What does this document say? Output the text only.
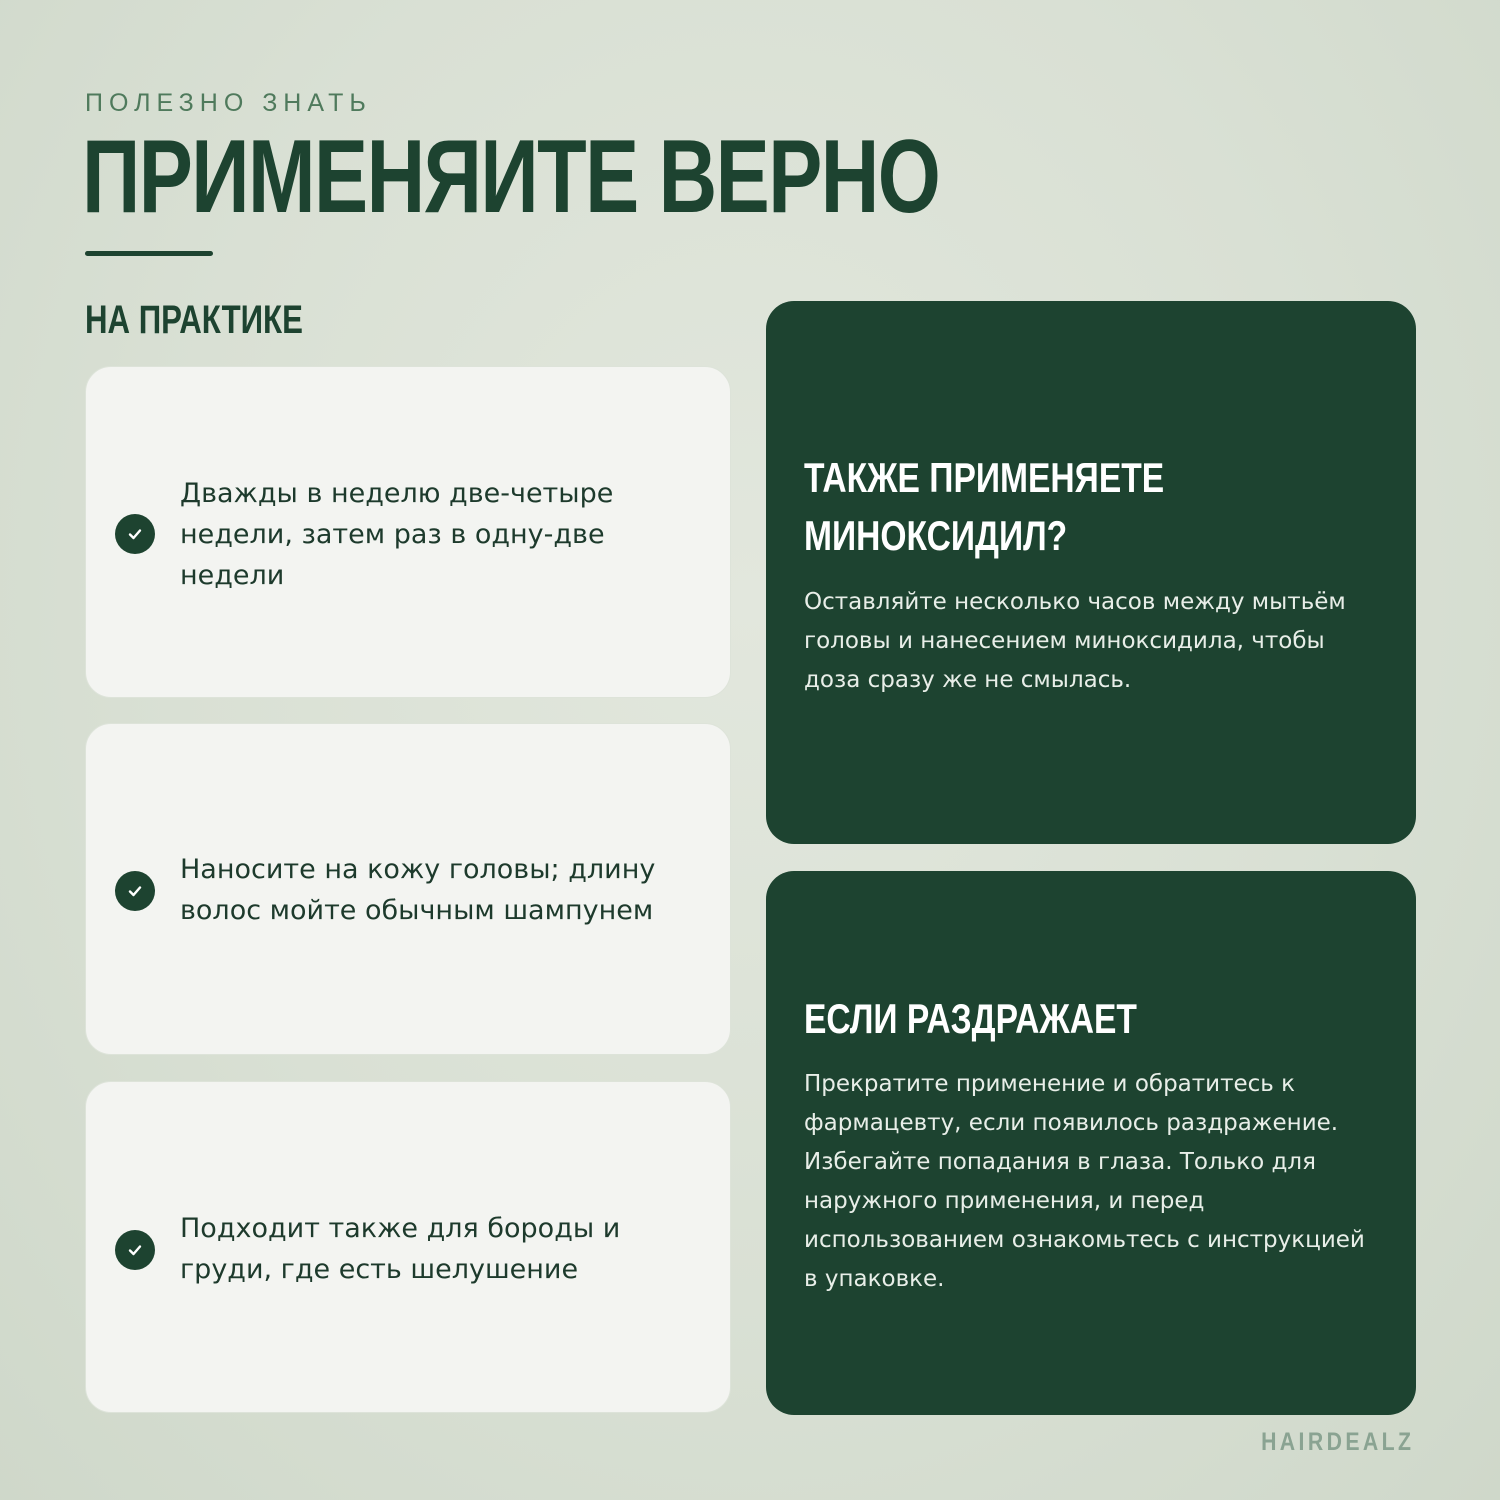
ПОЛЕЗНО ЗНАТЬ
ПРИМЕНЯИТЕ ВЕРНО
НА ПРАКТИКЕ
Дважды в неделю две-четыре недели, затем раз в одну-две недели
Наносите на кожу головы; длину волос мойте обычным шампунем
Подходит также для бороды и груди, где есть шелушение
ТАКЖЕ ПРИМЕНЯЕТЕ
МИНОКСИДИЛ?
Оставляйте несколько часов между мытьём головы и нанесением миноксидила, чтобы доза сразу же не смылась.
ЕСЛИ РАЗДРАЖАЕТ
Прекратите применение и обратитесь к фармацевту, если появилось раздражение. Избегайте попадания в глаза. Только для наружного применения, и перед использованием ознакомьтесь с инструкцией в упаковке.
HAIRDEALZ
